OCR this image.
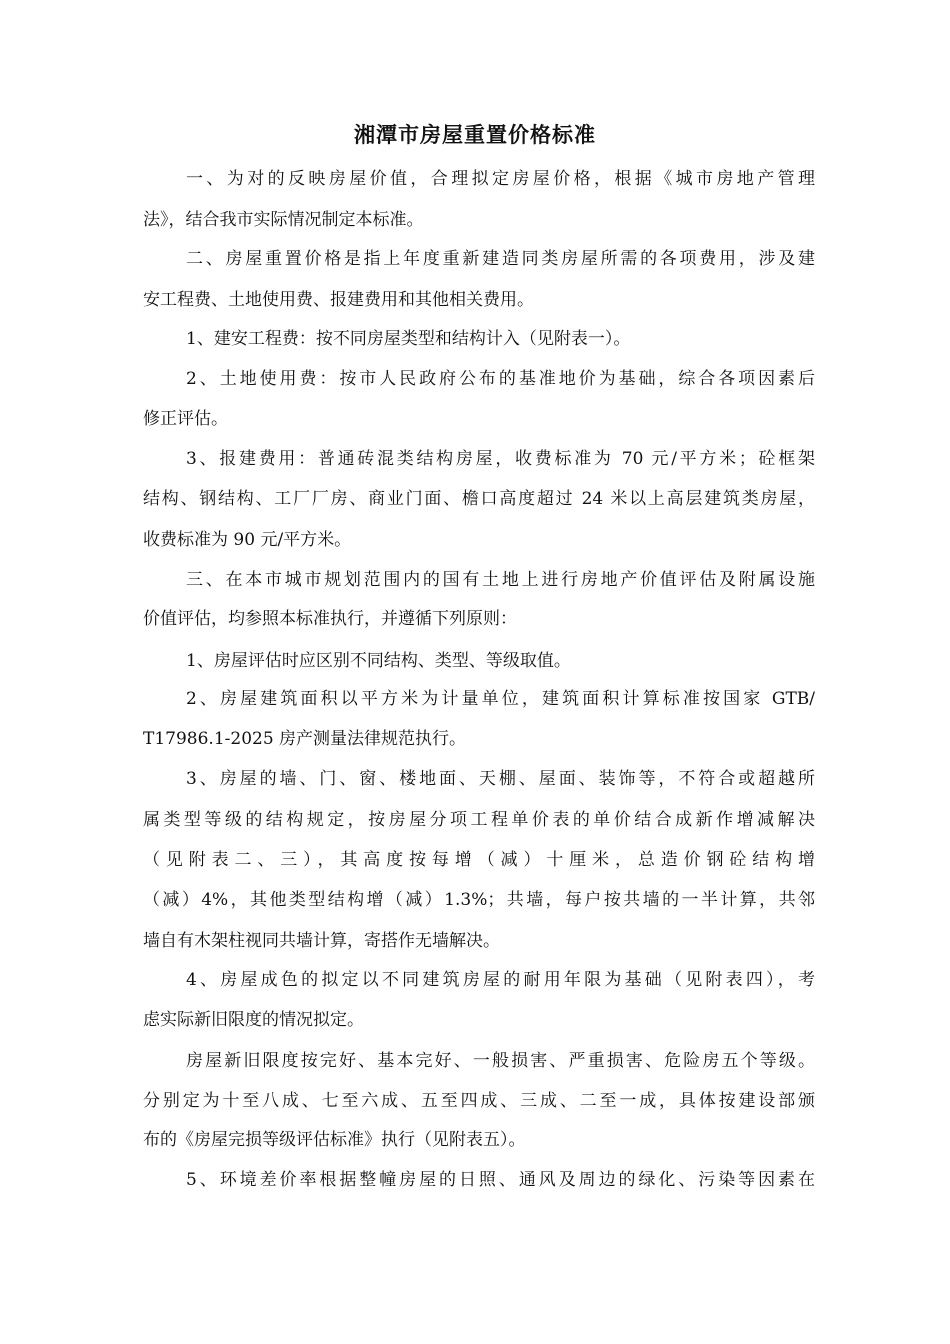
湘潭市房屋重置价格标准
一、为对的反映房屋价值，合理拟定房屋价格，根据《城市房地产管理
法》，结合我市实际情况制定本标准。
二、房屋重置价格是指上年度重新建造同类房屋所需的各项费用，涉及建
安工程费、土地使用费、报建费用和其他相关费用。
1、建安工程费：按不同房屋类型和结构计入（见附表一）。
2、土地使用费：按市人民政府公布的基准地价为基础，综合各项因素后
修正评估。
3、报建费用：普通砖混类结构房屋，收费标准为 70 元/平方米；砼框架
结构、钢结构、工厂厂房、商业门面、檐口高度超过 24 米以上高层建筑类房屋，
收费标准为 90 元/平方米。
三、在本市城市规划范围内的国有土地上进行房地产价值评估及附属设施
价值评估，均参照本标准执行，并遵循下列原则：
1、房屋评估时应区别不同结构、类型、等级取值。
2、房屋建筑面积以平方米为计量单位，建筑面积计算标准按国家 GTB/
T17986.1-2025 房产测量法律规范执行。
3、房屋的墙、门、窗、楼地面、天棚、屋面、装饰等，不符合或超越所
属类型等级的结构规定，按房屋分项工程单价表的单价结合成新作增减解决
（见附表二、三），其高度按每增（减）十厘米，总造价钢砼结构增
（减）4%，其他类型结构增（减）1.3%；共墙，每户按共墙的一半计算，共邻
墙自有木架柱视同共墙计算，寄搭作无墙解决。
4、房屋成色的拟定以不同建筑房屋的耐用年限为基础（见附表四），考
虑实际新旧限度的情况拟定。
房屋新旧限度按完好、基本完好、一般损害、严重损害、危险房五个等级。
分别定为十至八成、七至六成、五至四成、三成、二至一成，具体按建设部颁
布的《房屋完损等级评估标准》执行（见附表五）。
5、环境差价率根据整幢房屋的日照、通风及周边的绿化、污染等因素在
